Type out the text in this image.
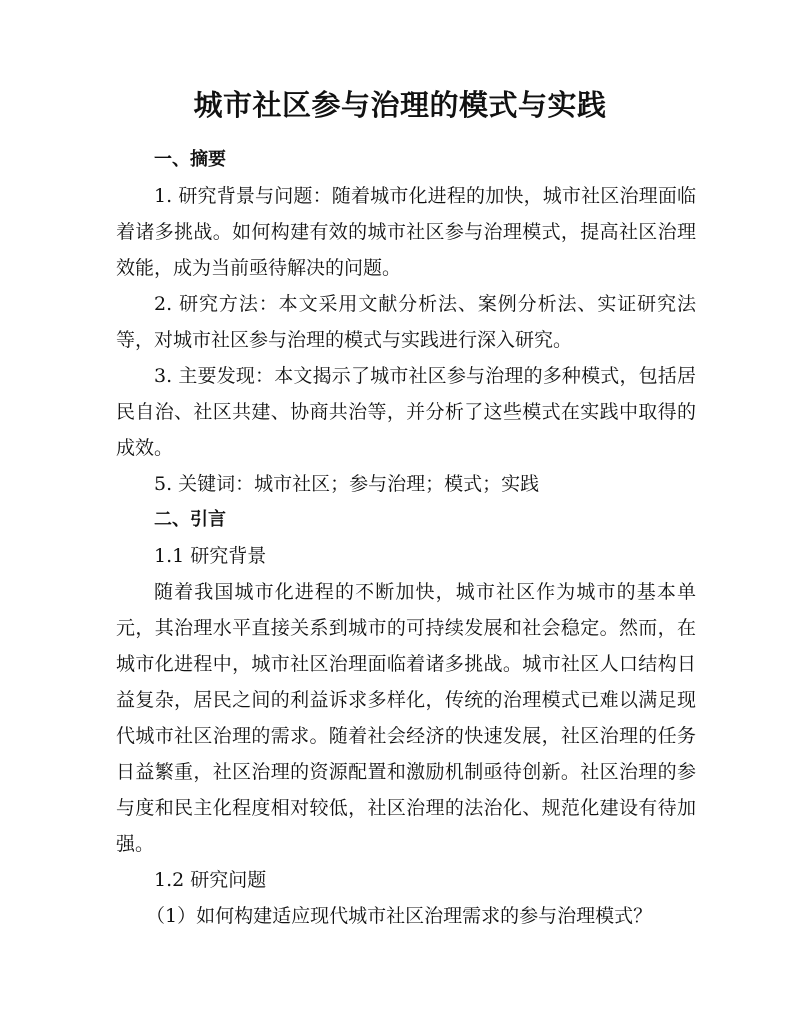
城市社区参与治理的模式与实践

一、摘要

1. 研究背景与问题：随着城市化进程的加快，城市社区治理面临着诸多挑战。如何构建有效的城市社区参与治理模式，提高社区治理效能，成为当前亟待解决的问题。

2. 研究方法：本文采用文献分析法、案例分析法、实证研究法等，对城市社区参与治理的模式与实践进行深入研究。

3. 主要发现：本文揭示了城市社区参与治理的多种模式，包括居民自治、社区共建、协商共治等，并分析了这些模式在实践中取得的成效。

5. 关键词：城市社区；参与治理；模式；实践

二、引言

1.1 研究背景

随着我国城市化进程的不断加快，城市社区作为城市的基本单元，其治理水平直接关系到城市的可持续发展和社会稳定。然而，在城市化进程中，城市社区治理面临着诸多挑战。城市社区人口结构日益复杂，居民之间的利益诉求多样化，传统的治理模式已难以满足现代城市社区治理的需求。随着社会经济的快速发展，社区治理的任务日益繁重，社区治理的资源配置和激励机制亟待创新。社区治理的参与度和民主化程度相对较低，社区治理的法治化、规范化建设有待加强。

1.2 研究问题

（1）如何构建适应现代城市社区治理需求的参与治理模式？
